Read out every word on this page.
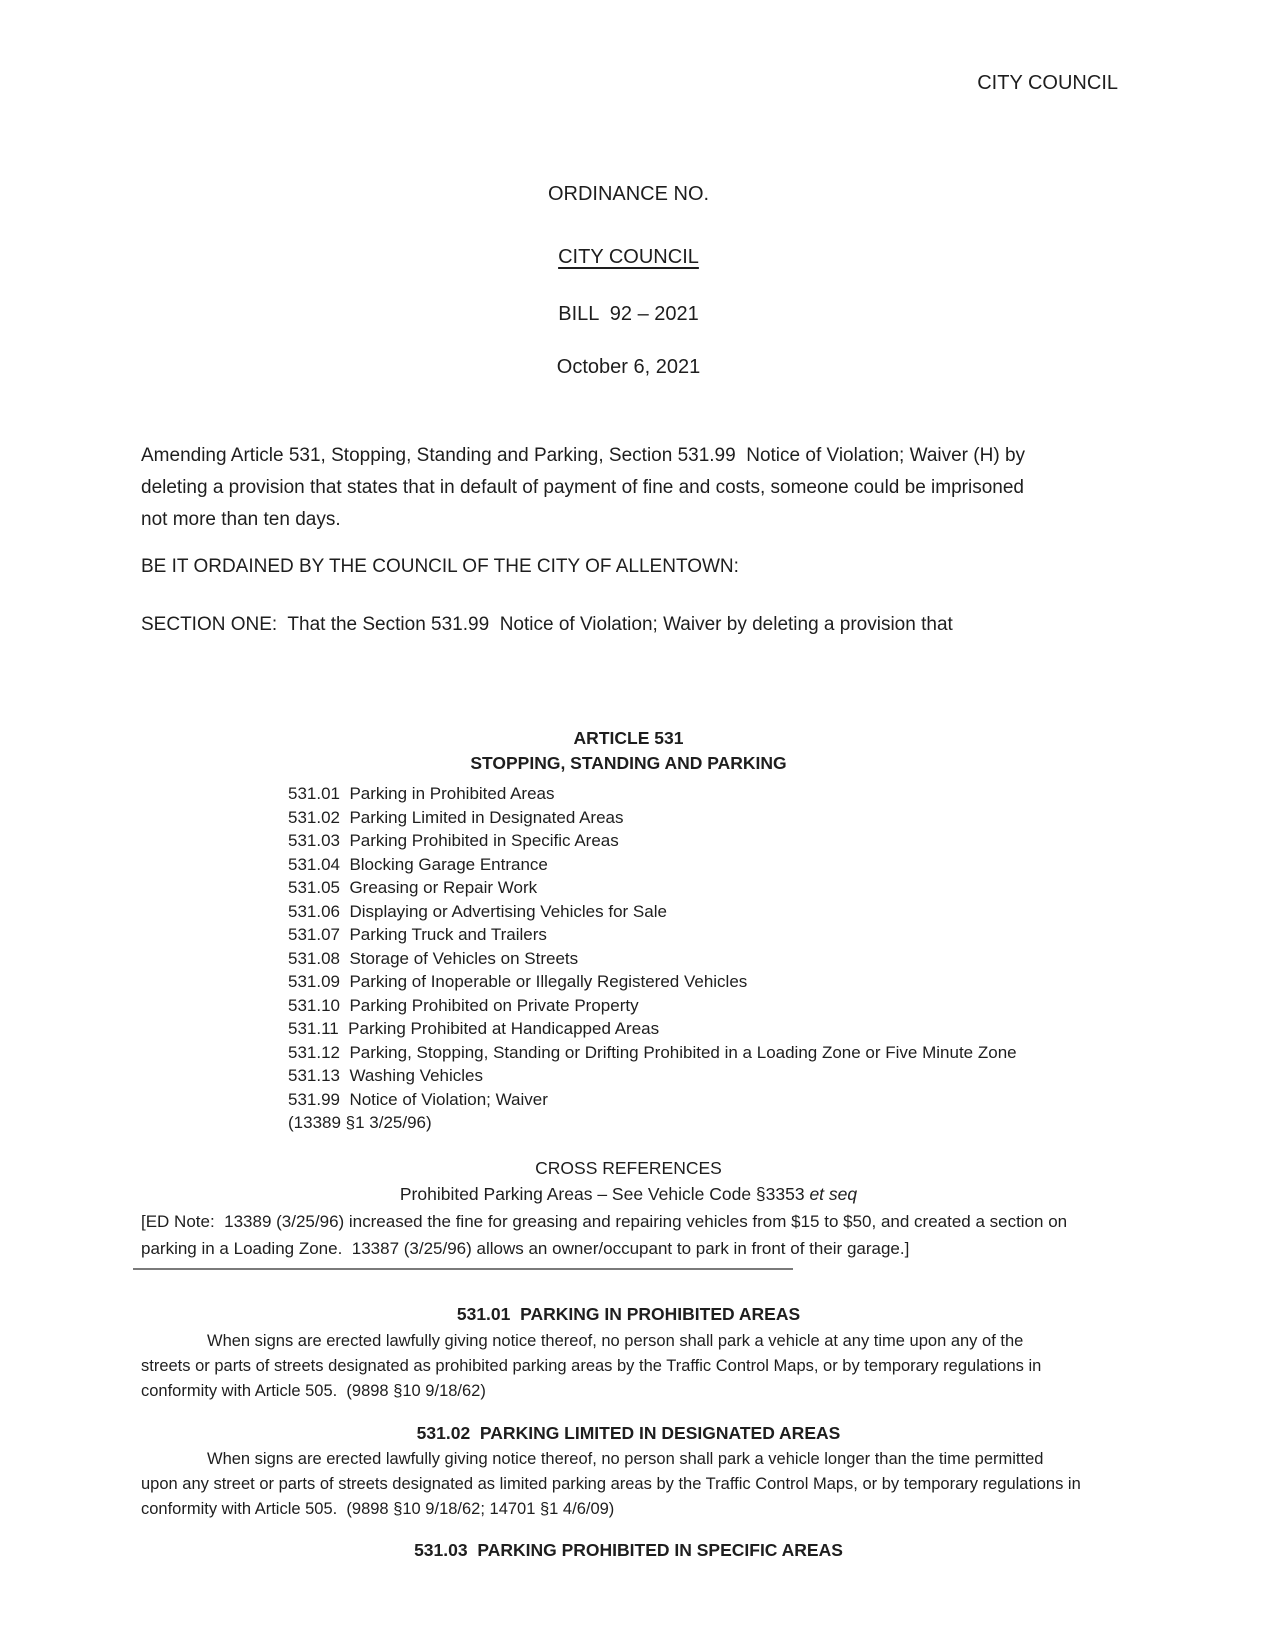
CITY COUNCIL
ORDINANCE NO.
CITY COUNCIL
BILL  92 – 2021
October 6, 2021
Amending Article 531, Stopping, Standing and Parking, Section 531.99  Notice of Violation; Waiver (H) by
deleting a provision that states that in default of payment of fine and costs, someone could be imprisoned
not more than ten days.
BE IT ORDAINED BY THE COUNCIL OF THE CITY OF ALLENTOWN:
SECTION ONE:  That the Section 531.99  Notice of Violation; Waiver by deleting a provision that
ARTICLE 531
STOPPING, STANDING AND PARKING
531.01  Parking in Prohibited Areas
531.02  Parking Limited in Designated Areas
531.03  Parking Prohibited in Specific Areas
531.04  Blocking Garage Entrance
531.05  Greasing or Repair Work
531.06  Displaying or Advertising Vehicles for Sale
531.07  Parking Truck and Trailers
531.08  Storage of Vehicles on Streets
531.09  Parking of Inoperable or Illegally Registered Vehicles
531.10  Parking Prohibited on Private Property
531.11  Parking Prohibited at Handicapped Areas
531.12  Parking, Stopping, Standing or Drifting Prohibited in a Loading Zone or Five Minute Zone
531.13  Washing Vehicles
531.99  Notice of Violation; Waiver
(13389 §1 3/25/96)
CROSS REFERENCES
Prohibited Parking Areas – See Vehicle Code §3353 et seq
[ED Note:  13389 (3/25/96) increased the fine for greasing and repairing vehicles from $15 to $50, and created a section on
parking in a Loading Zone.  13387 (3/25/96) allows an owner/occupant to park in front of their garage.]
531.01  PARKING IN PROHIBITED AREAS
When signs are erected lawfully giving notice thereof, no person shall park a vehicle at any time upon any of the
streets or parts of streets designated as prohibited parking areas by the Traffic Control Maps, or by temporary regulations in
conformity with Article 505.  (9898 §10 9/18/62)
531.02  PARKING LIMITED IN DESIGNATED AREAS
When signs are erected lawfully giving notice thereof, no person shall park a vehicle longer than the time permitted
upon any street or parts of streets designated as limited parking areas by the Traffic Control Maps, or by temporary regulations in
conformity with Article 505.  (9898 §10 9/18/62; 14701 §1 4/6/09)
531.03  PARKING PROHIBITED IN SPECIFIC AREAS
